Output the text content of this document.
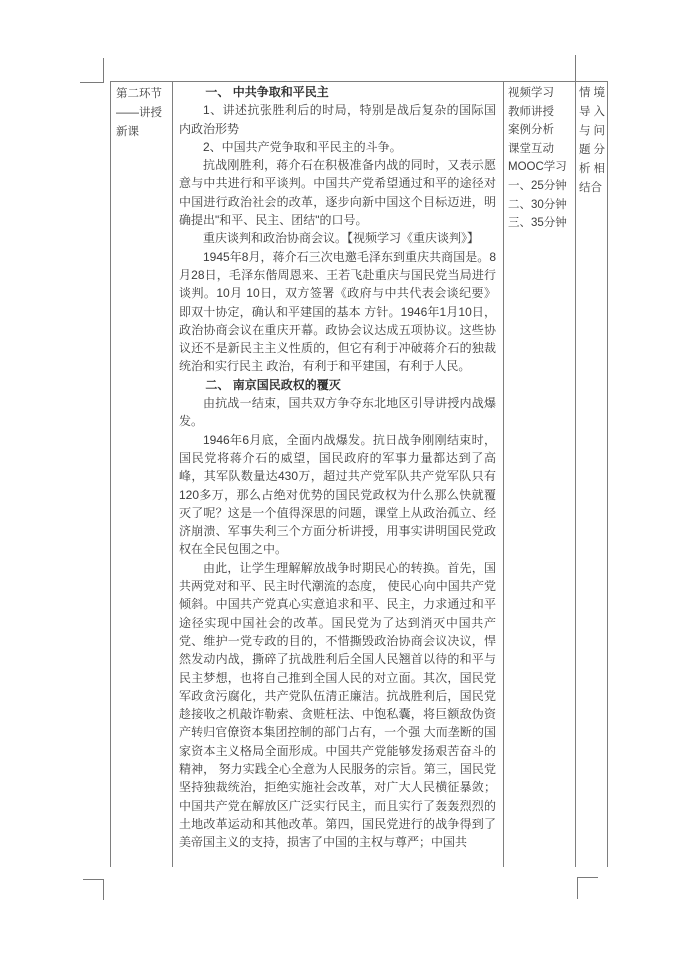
第二环节——讲授新课

一、 中共争取和平民主

1、讲述抗张胜利后的时局，特别是战后复杂的国际国内政治形势

2、中国共产党争取和平民主的斗争。

抗战刚胜利，蒋介石在积极准备内战的同时，又表示愿意与中共进行和平谈判。中国共产党希望通过和平的途径对中国进行政治社会的改革，逐步向新中国这个目标迈进，明确提出"和平、民主、团结"的口号。

重庆谈判和政治协商会议。【视频学习《重庆谈判》】

1945年8月，蒋介石三次电邀毛泽东到重庆共商国是。8月28日，毛泽东偕周恩来、王若飞赴重庆与国民党当局进行谈判。10月 10日，双方签署《政府与中共代表会谈纪要》即双十协定，确认和平建国的基本 方针。1946年1月10日，政治协商会议在重庆开幕。政协会议达成五项协议。这些协议还不是新民主主义性质的，但它有利于冲破蒋介石的独裁统治和实行民主 政治，有利于和平建国，有利于人民。

二、 南京国民政权的覆灭

由抗战一结束，国共双方争夺东北地区引导讲授内战爆发。

1946年6月底，全面内战爆发。抗日战争刚刚结束时，国民党将蒋介石的威望，国民政府的军事力量都达到了高峰，其军队数量达430万，超过共产党军队共产党军队只有120多万，那么占绝对优势的国民党政权为什么那么快就覆灭了呢？这是一个值得深思的问题，课堂上从政治孤立、经济崩溃、军事失利三个方面分析讲授，用事实讲明国民党政权在全民包围之中。

由此，让学生理解解放战争时期民心的转换。首先，国共两党对和平、民主时代潮流的态度， 使民心向中国共产党倾斜。中国共产党真心实意追求和平、民主，力求通过和平途径实现中国社会的改革。国民党为了达到消灭中国共产党、维护一党专政的目的，不惜撕毁政治协商会议决议，悍然发动内战，撕碎了抗战胜利后全国人民翘首以待的和平与民主梦想，也将自己推到全国人民的对立面。其次，国民党军政贪污腐化，共产党队伍清正廉洁。抗战胜利后，国民党趁接收之机敲诈勒索、贪赃枉法、中饱私囊，将巨额敌伪资产转归官僚资本集团控制的部门占有，一个强 大而垄断的国家资本主义格局全面形成。中国共产党能够发扬艰苦奋斗的精神， 努力实践全心全意为人民服务的宗旨。第三，国民党坚持独裁统治，拒绝实施社会改革，对广大人民横征暴敛；中国共产党在解放区广泛实行民主，而且实行了轰轰烈烈的土地改革运动和其他改革。第四，国民党进行的战争得到了美帝国主义的支持，损害了中国的主权与尊严；中国共

视频学习
教师讲授
案例分析
课堂互动
MOOC学习
一、25分钟
二、30分钟
三、35分钟
情境导入与问题分析相结合
